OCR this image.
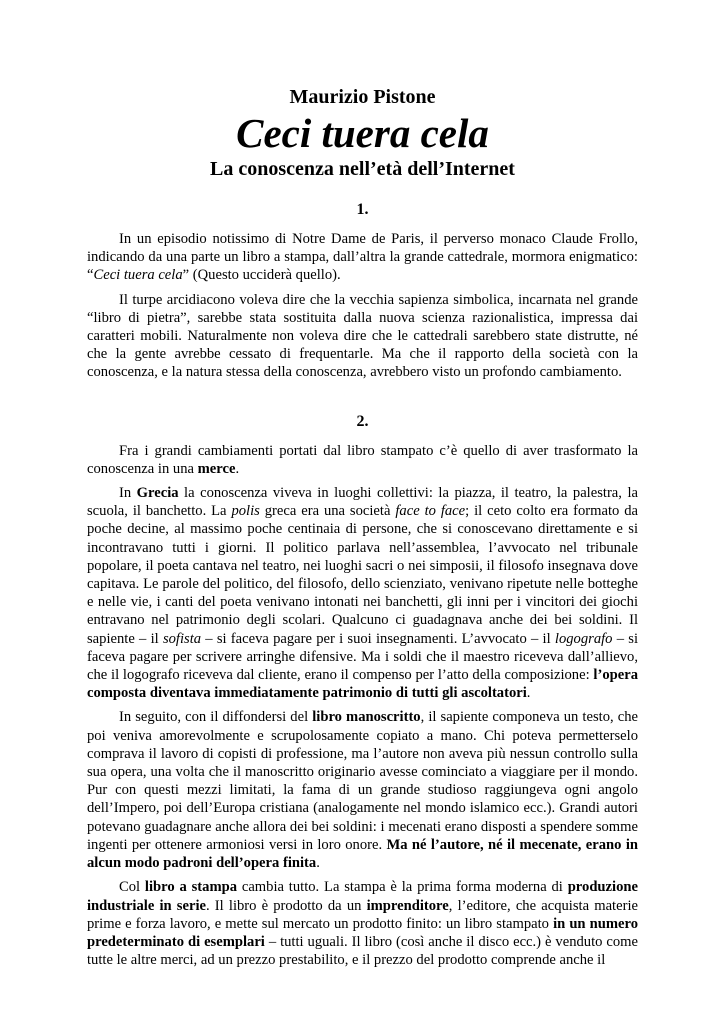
Maurizio Pistone
Ceci tuera cela
La conoscenza nell’età dell’Internet
1.

In un episodio notissimo di Notre Dame de Paris, il perverso monaco Claude Frollo, indicando da una parte un libro a stampa, dall’altra la grande cattedrale, mormora enigmatico: “Ceci tuera cela” (Questo ucciderà quello).

Il turpe arcidiacono voleva dire che la vecchia sapienza simbolica, incarnata nel grande “libro di pietra”, sarebbe stata sostituita dalla nuova scienza razionalistica, impressa dai caratteri mobili. Naturalmente non voleva dire che le cattedrali sarebbero state distrutte, né che la gente avrebbe cessato di frequentarle. Ma che il rapporto della società con la conoscenza, e la natura stessa della conoscenza, avrebbero visto un profondo cambiamento.

2.

Fra i grandi cambiamenti portati dal libro stampato c’è quello di aver trasformato la conoscenza in una merce.

In Grecia la conoscenza viveva in luoghi collettivi: la piazza, il teatro, la palestra, la scuola, il banchetto. La polis greca era una società face to face; il ceto colto era formato da poche decine, al massimo poche centinaia di persone, che si conoscevano direttamente e si incontravano tutti i giorni. Il politico parlava nell’assemblea, l’avvocato nel tribunale popolare, il poeta cantava nel teatro, nei luoghi sacri o nei simposii, il filosofo insegnava dove capitava. Le parole del politico, del filosofo, dello scienziato, venivano ripetute nelle botteghe e nelle vie, i canti del poeta venivano intonati nei banchetti, gli inni per i vincitori dei giochi entravano nel patrimonio degli scolari. Qualcuno ci guadagnava anche dei bei soldini. Il sapiente – il sofista – si faceva pagare per i suoi insegnamenti. L’avvocato – il logografo – si faceva pagare per scrivere arringhe difensive. Ma i soldi che il maestro riceveva dall’allievo, che il logografo riceveva dal cliente, erano il compenso per l’atto della composizione: l’opera composta diventava immediatamente patrimonio di tutti gli ascoltatori.

In seguito, con il diffondersi del libro manoscritto, il sapiente componeva un testo, che poi veniva amorevolmente e scrupolosamente copiato a mano. Chi poteva permetterselo comprava il lavoro di copisti di professione, ma l’autore non aveva più nessun controllo sulla sua opera, una volta che il manoscritto originario avesse cominciato a viaggiare per il mondo. Pur con questi mezzi limitati, la fama di un grande studioso raggiungeva ogni angolo dell’Impero, poi dell’Europa cristiana (analogamente nel mondo islamico ecc.). Grandi autori potevano guadagnare anche allora dei bei soldini: i mecenati erano disposti a spendere somme ingenti per ottenere armoniosi versi in loro onore. Ma né l’autore, né il mecenate, erano in alcun modo padroni dell’opera finita.

Col libro a stampa cambia tutto. La stampa è la prima forma moderna di produzione industriale in serie. Il libro è prodotto da un imprenditore, l’editore, che acquista materie prime e forza lavoro, e mette sul mercato un prodotto finito: un libro stampato in un numero predeterminato di esemplari – tutti uguali. Il libro (così anche il disco ecc.) è venduto come tutte le altre merci, ad un prezzo prestabilito, e il prezzo del prodotto comprende anche il
